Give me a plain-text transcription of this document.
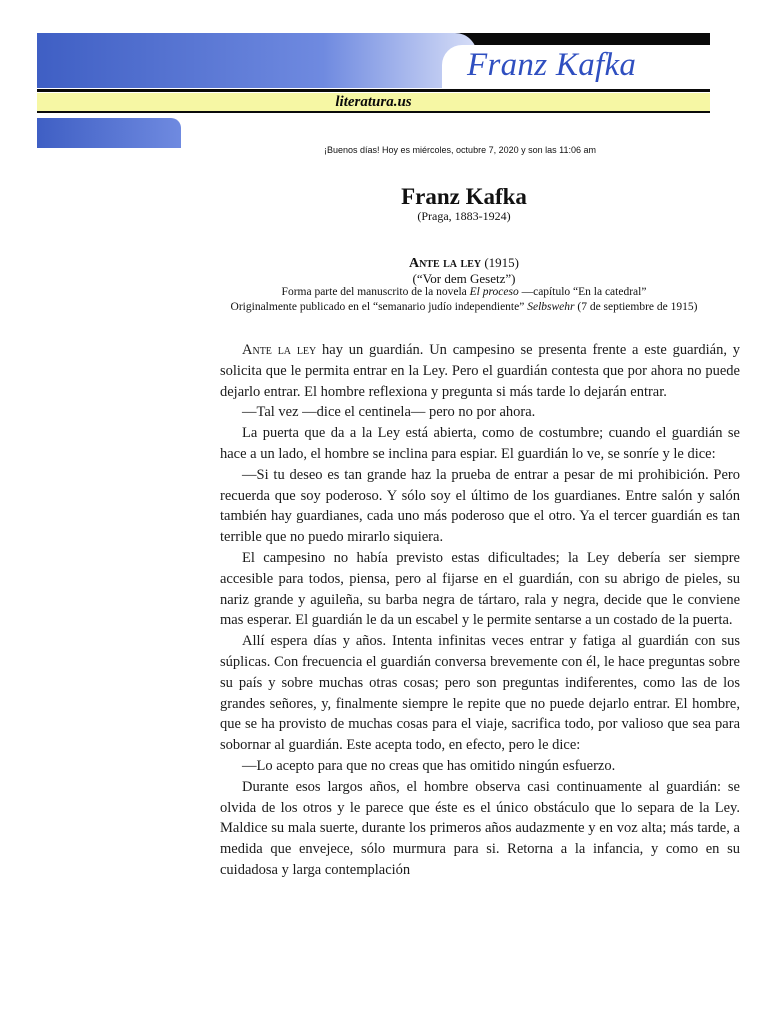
Franz Kafka
literatura.us
¡Buenos días! Hoy es miércoles, octubre 7, 2020 y son las 11:06 am
Franz Kafka
(Praga, 1883-1924)
Ante la ley (1915)
(“Vor dem Gesetz”)
Forma parte del manuscrito de la novela El proceso —capítulo “En la catedral”
Originalmente publicado en el “semanario judío independiente” Selbswehr (7 de septiembre de 1915)

Ante la ley hay un guardián. Un campesino se presenta frente a este guardián, y solicita que le permita entrar en la Ley. Pero el guardián contesta que por ahora no puede dejarlo entrar. El hombre reflexiona y pregunta si más tarde lo dejarán entrar.

—Tal vez —dice el centinela— pero no por ahora.

La puerta que da a la Ley está abierta, como de costumbre; cuando el guardián se hace a un lado, el hombre se inclina para espiar. El guardián lo ve, se sonríe y le dice:

—Si tu deseo es tan grande haz la prueba de entrar a pesar de mi prohibición. Pero recuerda que soy poderoso. Y sólo soy el último de los guardianes. Entre salón y salón también hay guardianes, cada uno más poderoso que el otro. Ya el tercer guardián es tan terrible que no puedo mirarlo siquiera.

El campesino no había previsto estas dificultades; la Ley debería ser siempre accesible para todos, piensa, pero al fijarse en el guardián, con su abrigo de pieles, su nariz grande y aguileña, su barba negra de tártaro, rala y negra, decide que le conviene mas esperar. El guardián le da un escabel y le permite sentarse a un costado de la puerta.

Allí espera días y años. Intenta infinitas veces entrar y fatiga al guardián con sus súplicas. Con frecuencia el guardián conversa brevemente con él, le hace preguntas sobre su país y sobre muchas otras cosas; pero son preguntas indiferentes, como las de los grandes señores, y, finalmente siempre le repite que no puede dejarlo entrar. El hombre, que se ha provisto de muchas cosas para el viaje, sacrifica todo, por valioso que sea para sobornar al guardián. Este acepta todo, en efecto, pero le dice:

—Lo acepto para que no creas que has omitido ningún esfuerzo.

Durante esos largos años, el hombre observa casi continuamente al guardián: se olvida de los otros y le parece que éste es el único obstáculo que lo separa de la Ley. Maldice su mala suerte, durante los primeros años audazmente y en voz alta; más tarde, a medida que envejece, sólo murmura para si. Retorna a la infancia, y como en su cuidadosa y larga contemplación
